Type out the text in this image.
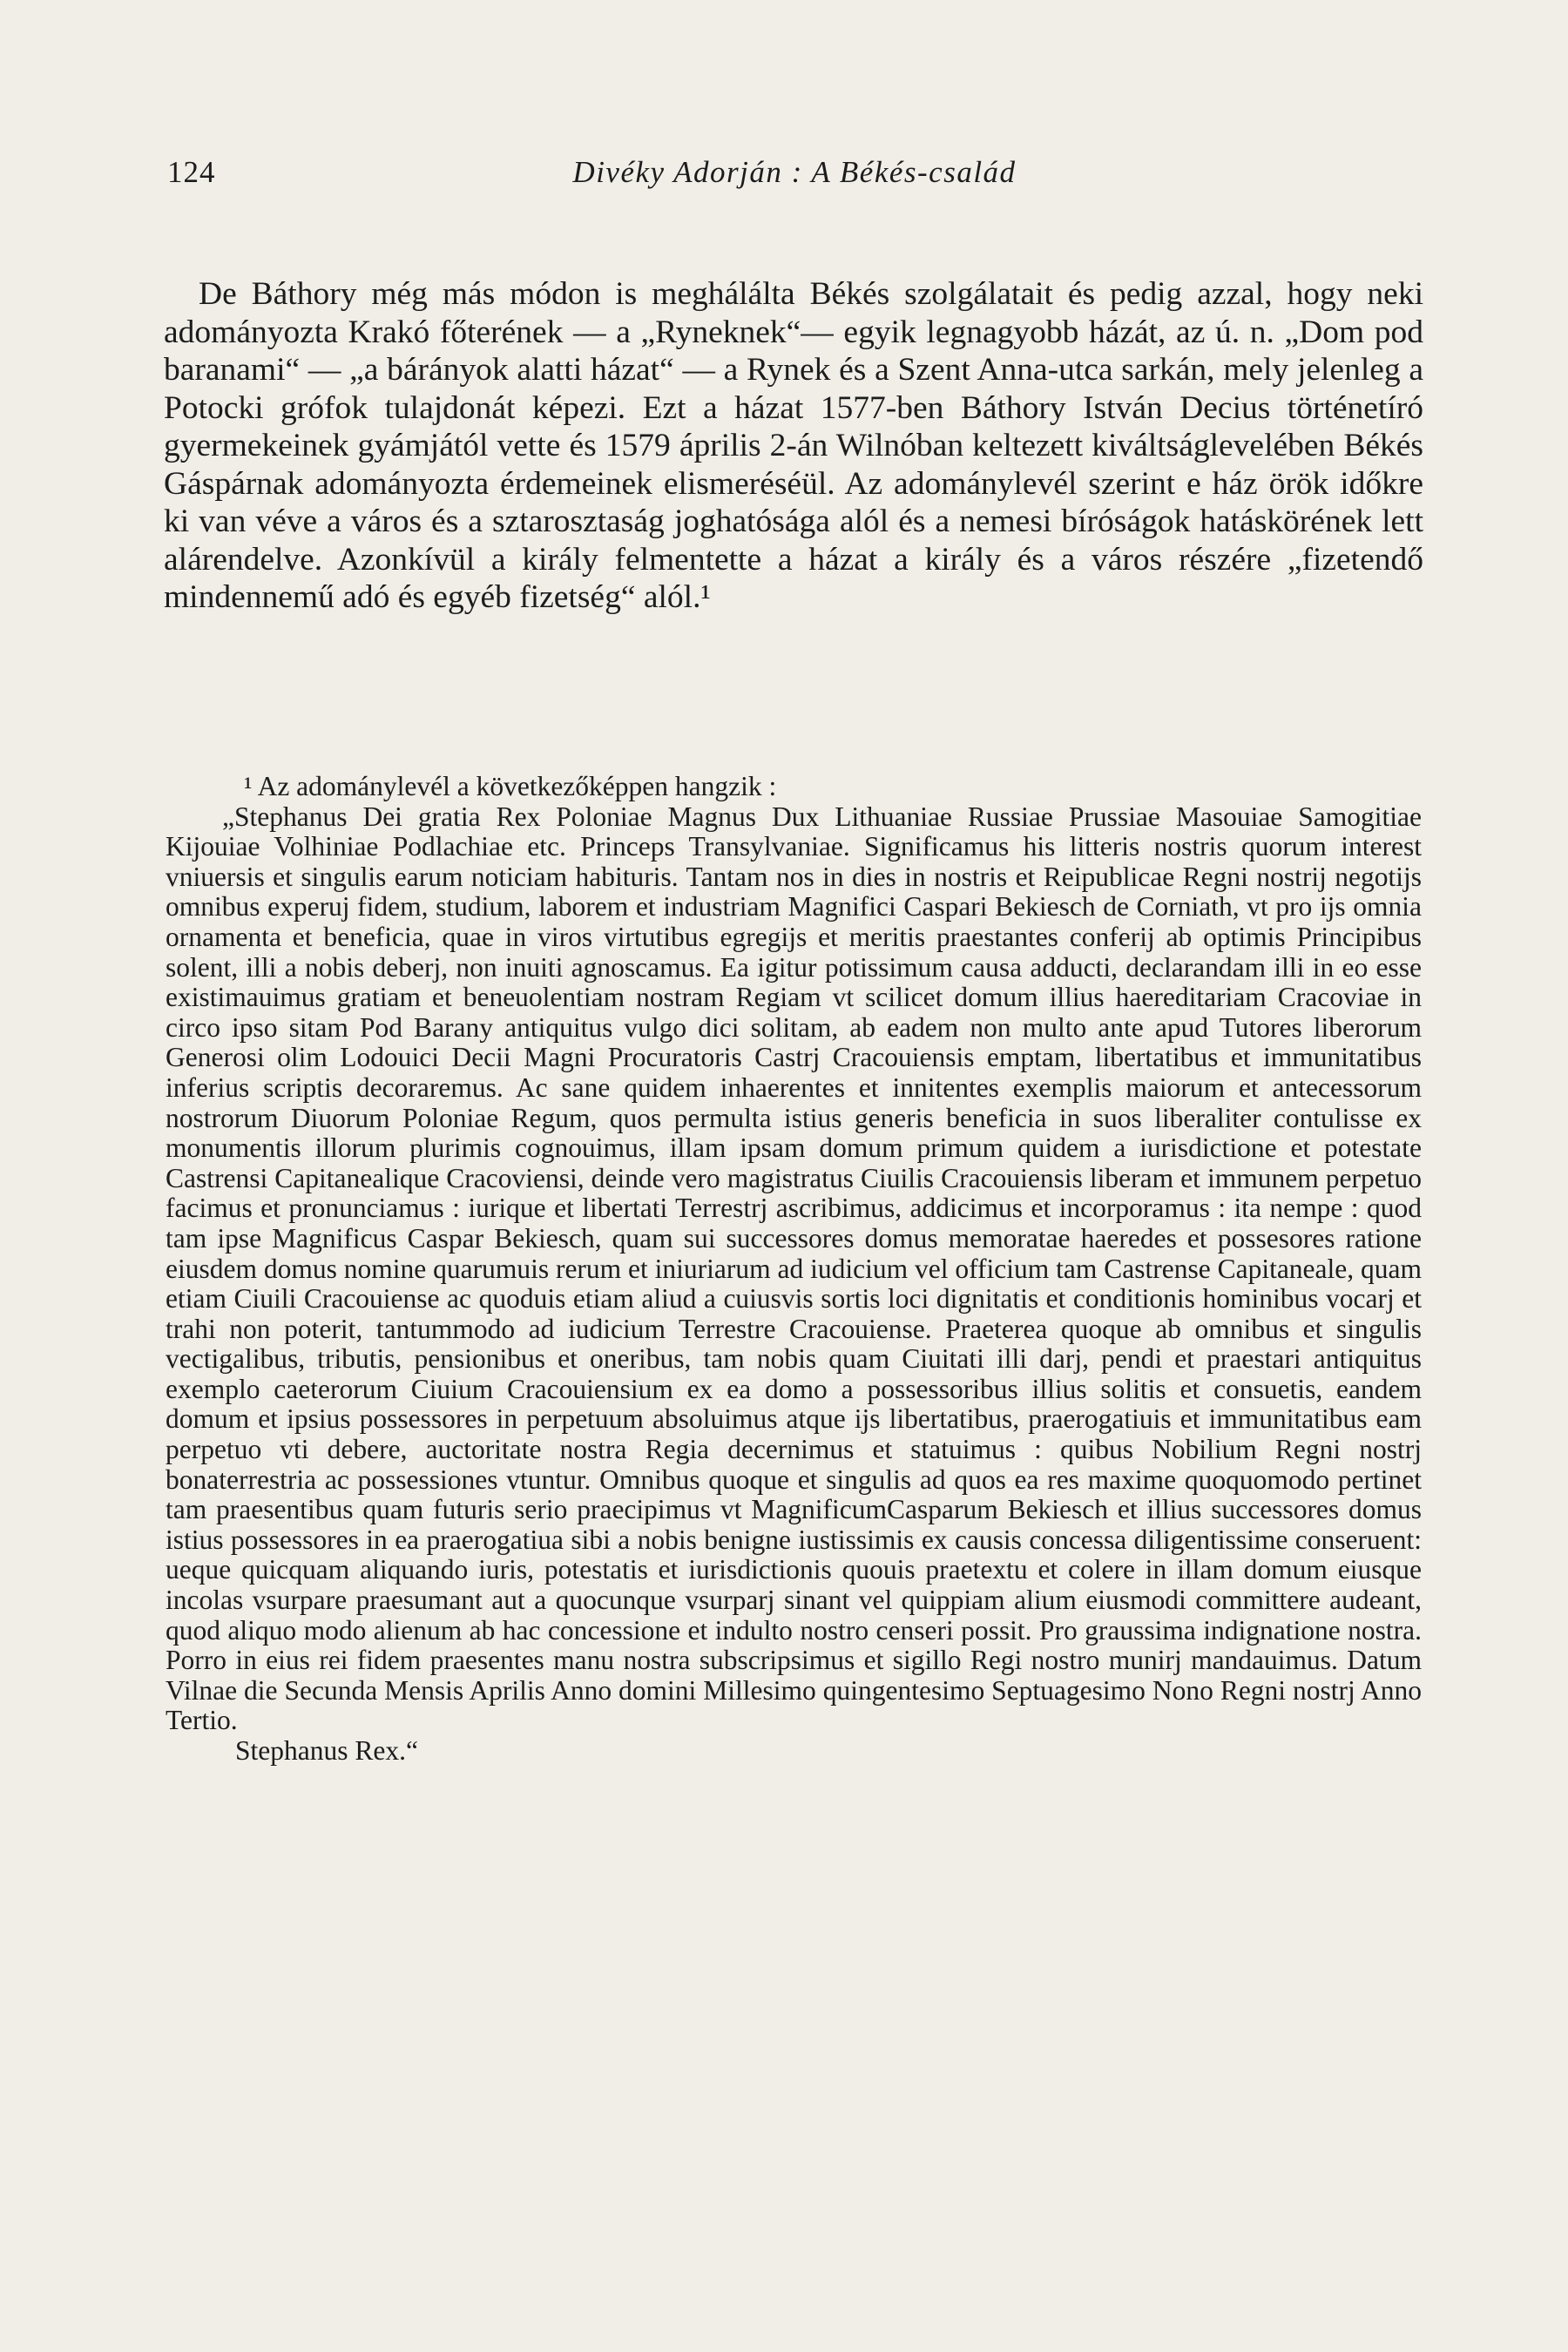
124	Divéky Adorján : A Békés-család

De Báthory még más módon is meghálálta Békés szolgálatait és pedig azzal, hogy neki adományozta Krakó főterének — a „Ryneknek“— egyik legnagyobb házát, az ú. n. „Dom pod baranami“ — „a bárányok alatti házat“ — a Rynek és a Szent Anna-utca sarkán, mely jelenleg a Potocki grófok tulajdonát képezi. Ezt a házat 1577-ben Báthory István Decius történetíró gyermekeinek gyámjától vette és 1579 április 2-án Wilnóban keltezett kiváltságlevelében Békés Gáspárnak adományozta érdemeinek elismeréséül. Az adománylevél szerint e ház örök időkre ki van véve a város és a sztarosztaság joghatósága alól és a nemesi bíróságok hatáskörének lett alárendelve. Azonkívül a király felmentette a házat a király és a város részére „fizetendő mindennemű adó és egyéb fizetség“ alól.¹

¹ Az adománylevél a következőképpen hangzik :

„Stephanus Dei gratia Rex Poloniae Magnus Dux Lithuaniae Russiae Prussiae Masouiae Samogitiae Kijouiae Volhiniae Podlachiae etc. Princeps Transylvaniae. Significamus his litteris nostris quorum interest vniuersis et singulis earum noticiam habituris. Tantam nos in dies in nostris et Reipublicae Regni nostrij negotijs omnibus experuj fidem, studium, laborem et industriam Magnifici Caspari Bekiesch de Corniath, vt pro ijs omnia ornamenta et beneficia, quae in viros virtutibus egregijs et meritis praestantes conferij ab optimis Principibus solent, illi a nobis deberj, non inuiti agnoscamus. Ea igitur potissimum causa adducti, declarandam illi in eo esse existimauimus gratiam et beneuolentiam nostram Regiam vt scilicet domum illius haereditariam Cracoviae in circo ipso sitam Pod Barany antiquitus vulgo dici solitam, ab eadem non multo ante apud Tutores liberorum Generosi olim Lodouici Decii Magni Procuratoris Castrj Cracouiensis emptam, libertatibus et immunitatibus inferius scriptis decoraremus. Ac sane quidem inhaerentes et innitentes exemplis maiorum et antecessorum nostrorum Diuorum Poloniae Regum, quos permulta istius generis beneficia in suos liberaliter contulisse ex monumentis illorum plurimis cognouimus, illam ipsam domum primum quidem a iurisdictione et potestate Castrensi Capitanealique Cracoviensi, deinde vero magistratus Ciuilis Cracouiensis liberam et immunem perpetuo facimus et pronunciamus : iurique et libertati Terrestrj ascribimus, addicimus et incorporamus : ita nempe : quod tam ipse Magnificus Caspar Bekiesch, quam sui successores domus memoratae haeredes et possesores ratione eiusdem domus nomine quarumuis rerum et iniuriarum ad iudicium vel officium tam Castrense Capitaneale, quam etiam Ciuili Cracouiense ac quoduis etiam aliud a cuiusvis sortis loci dignitatis et conditionis hominibus vocarj et trahi non poterit, tantummodo ad iudicium Terrestre Cracouiense. Praeterea quoque ab omnibus et singulis vectigalibus, tributis, pensionibus et oneribus, tam nobis quam Ciuitati illi darj, pendi et praestari antiquitus exemplo caeterorum Ciuium Cracouiensium ex ea domo a possessoribus illius solitis et consuetis, eandem domum et ipsius possessores in perpetuum absoluimus atque ijs libertatibus, praerogatiuis et immunitatibus eam perpetuo vti debere, auctoritate nostra Regia decernimus et statuimus : quibus Nobilium Regni nostrj bonaterrestria ac possessiones vtuntur. Omnibus quoque et singulis ad quos ea res maxime quoquomodo pertinet tam praesentibus quam futuris serio praecipimus vt MagnificumCasparum Bekiesch et illius successores domus istius possessores in ea praerogatiua sibi a nobis benigne iustissimis ex causis concessa diligentissime conseruent: ueque quicquam aliquando iuris, potestatis et iurisdictionis quouis praetextu et colere in illam domum eiusque incolas vsurpare praesumant aut a quocunque vsurparj sinant vel quippiam alium eiusmodi committere audeant, quod aliquo modo alienum ab hac concessione et indulto nostro censeri possit. Pro graussima indignatione nostra. Porro in eius rei fidem praesentes manu nostra subscripsimus et sigillo Regi nostro munirj mandauimus. Datum Vilnae die Secunda Mensis Aprilis Anno domini Millesimo quingentesimo Septuagesimo Nono Regni nostrj Anno Tertio.

Stephanus Rex.“
